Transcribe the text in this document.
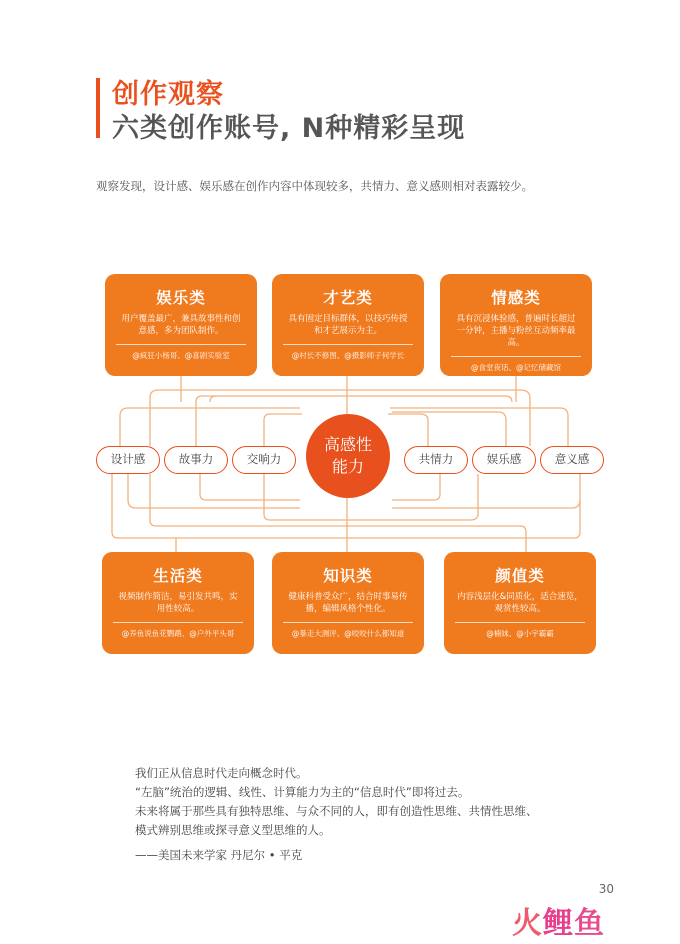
创作观察
六类创作账号, N种精彩呈现
观察发现，设计感、娱乐感在创作内容中体现较多，共情力、意义感则相对表露较少。
娱乐类
用户覆盖最广，兼具故事性和创意感，多为团队制作。
@疯狂小杨哥、@喜剧实验室
才艺类
具有固定目标群体，以技巧传授和才艺展示为主。
@村长不修图、@摄影师子何学长
情感类
具有沉浸体验感，普遍时长超过一分钟，主播与粉丝互动频率最高。
@食堂夜话、@记忆储藏馆
设计感	故事力	交响力	共情力	娱乐感	意义感
高感性
能力
生活类
视频制作简洁，易引发共鸣，实用性较高。
@养鱼说鱼花鹦鹉、@户外平头哥
知识类
健康科普受众广，结合时事易传播，编辑风格个性化。
@暴走大测评、@咬咬什么都知道
颜值类
内容浅层化&同质化，适合速览，观赏性较高。
@楠妹、@小宇霸霸
我们正从信息时代走向概念时代。
“左脑”统治的逻辑、线性、计算能力为主的“信息时代”即将过去。
未来将属于那些具有独特思维、与众不同的人，即有创造性思维、共情性思维、
模式辨别思维或探寻意义型思维的人。
——美国未来学家 丹尼尔 • 平克
30
火鲤鱼
